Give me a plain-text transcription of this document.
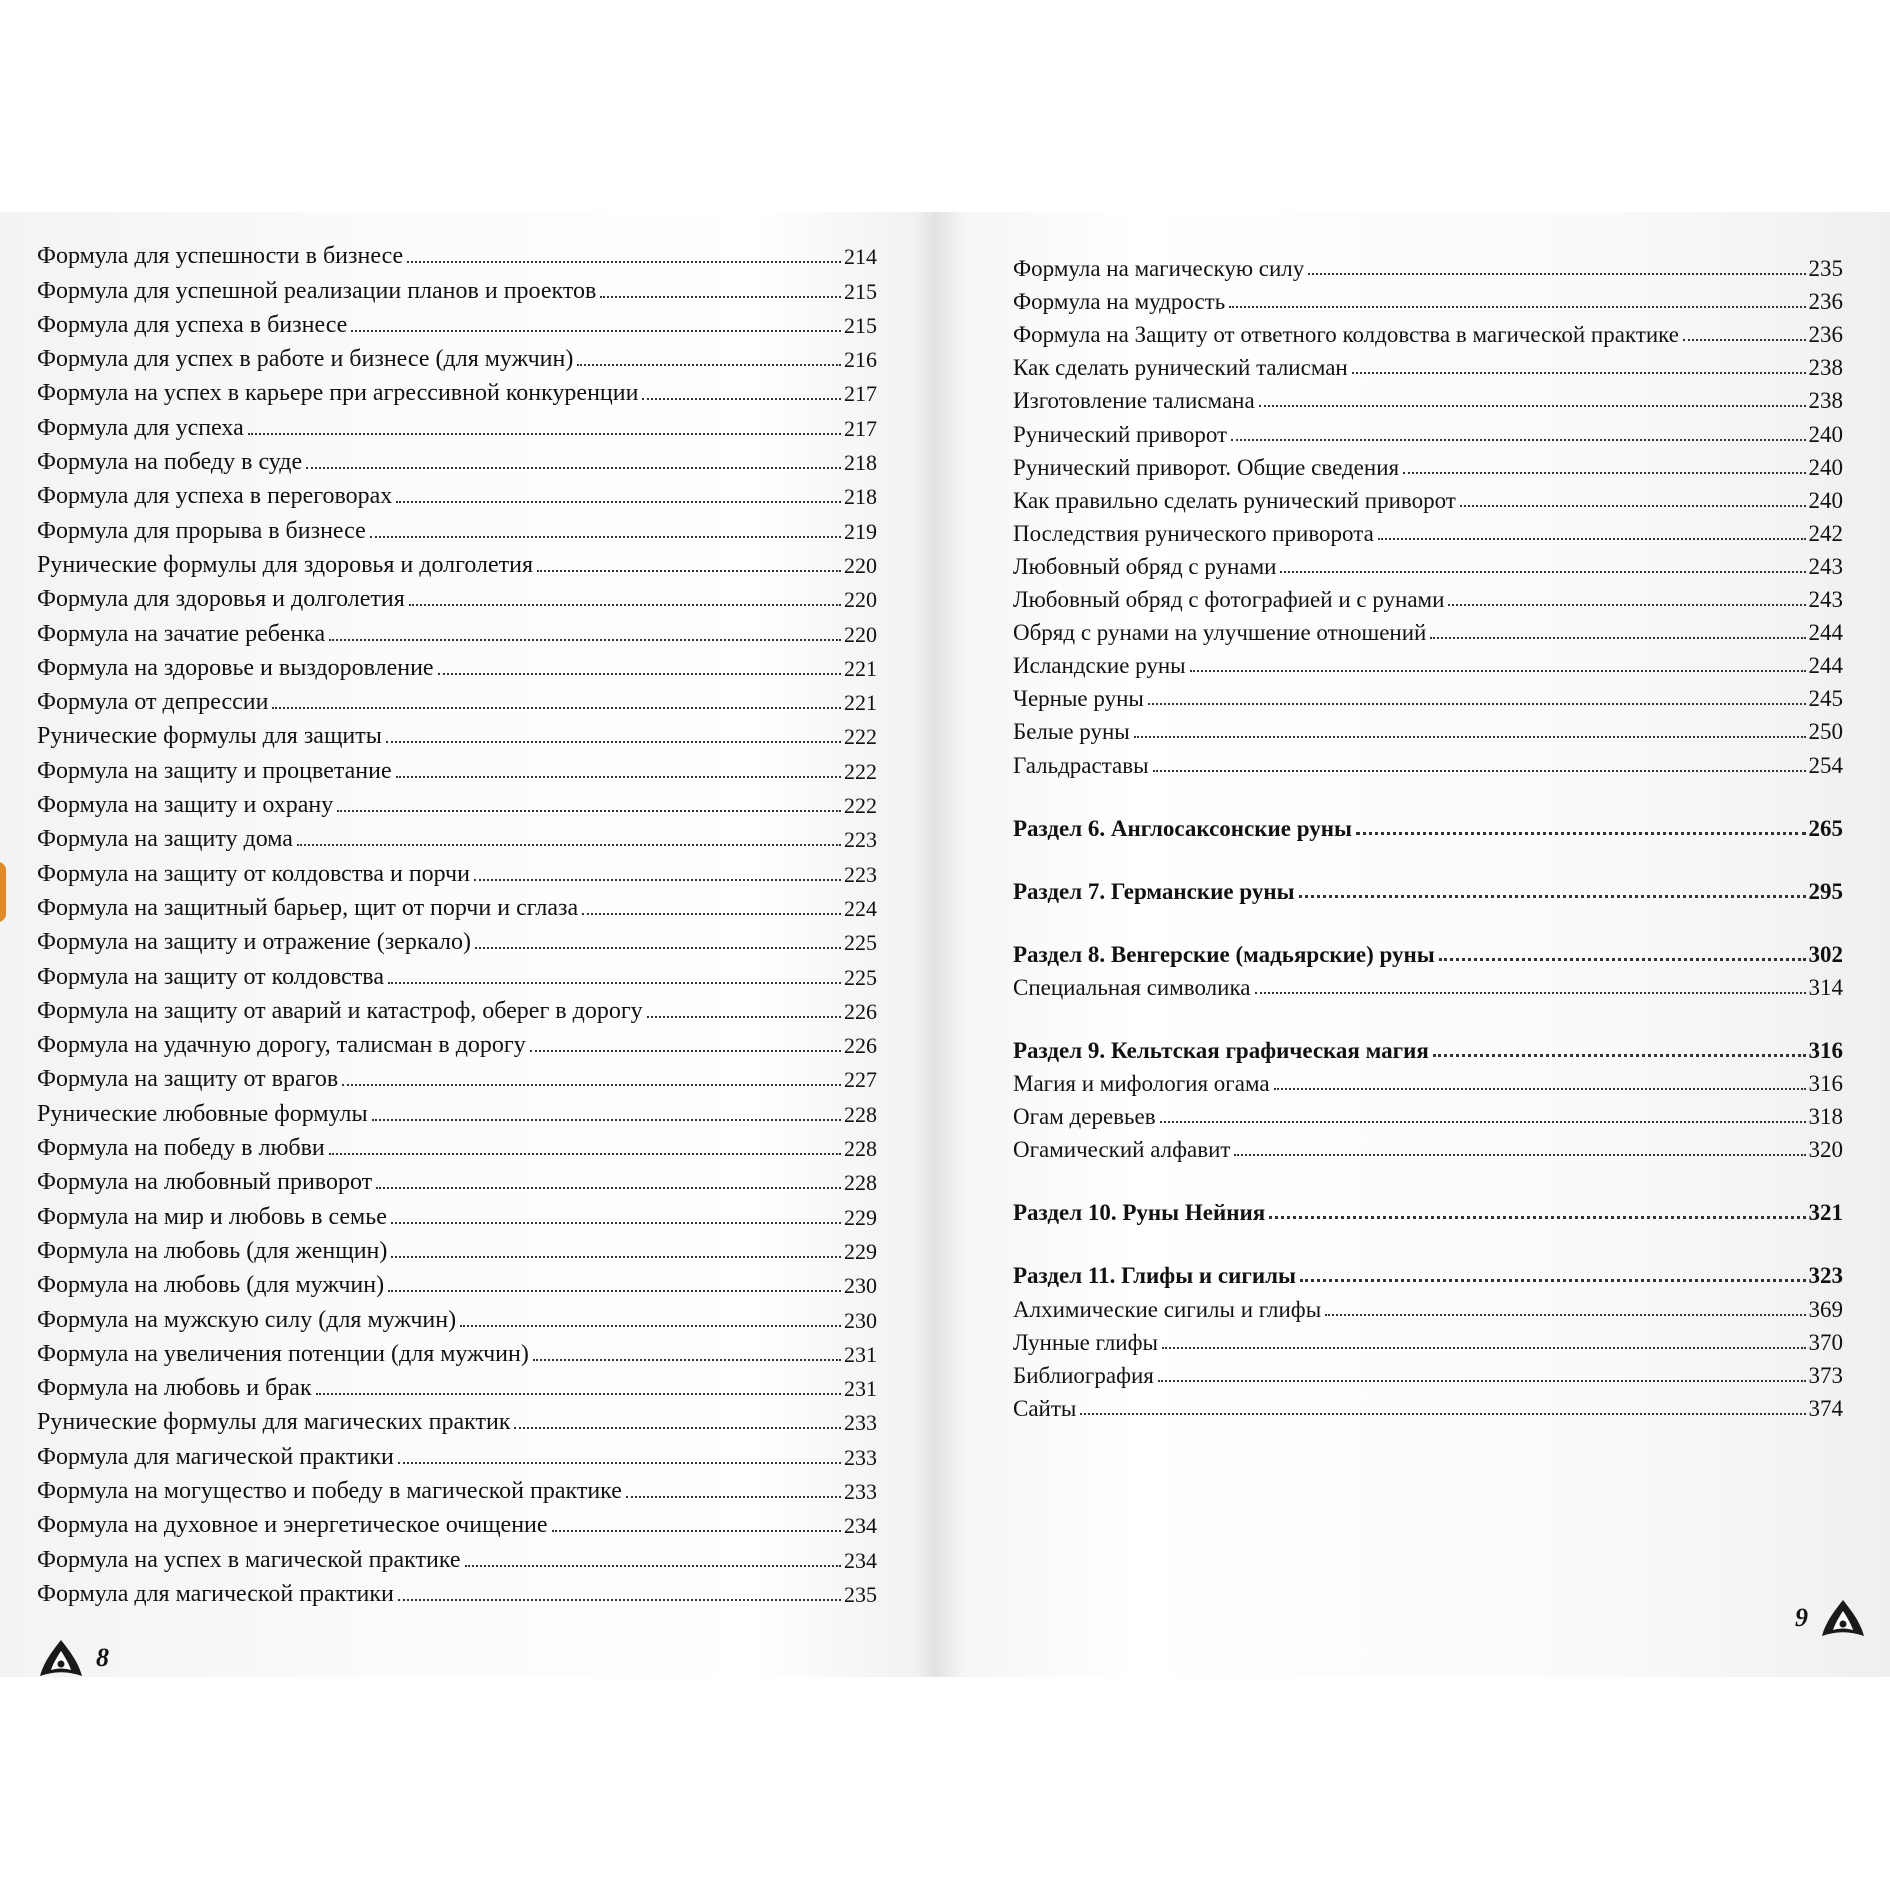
Формула для успешности в бизнесе	214
Формула для успешной реализации планов и проектов	215
Формула для успеха в бизнесе	215
Формула для успех в работе и бизнесе (для мужчин)	216
Формула на успех в карьере при агрессивной конкуренции	217
Формула для успеха	217
Формула на победу в суде	218
Формула для успеха в переговорах	218
Формула для прорыва в бизнесе	219
Рунические формулы для здоровья и долголетия	220
Формула для здоровья и долголетия	220
Формула на зачатие ребенка	220
Формула на здоровье и выздоровление	221
Формула от депрессии	221
Рунические формулы для защиты	222
Формула на защиту и процветание	222
Формула на защиту и охрану	222
Формула на защиту дома	223
Формула на защиту от колдовства и порчи	223
Формула на защитный барьер, щит от порчи и сглаза	224
Формула на защиту и отражение (зеркало)	225
Формула на защиту от колдовства	225
Формула на защиту от аварий и катастроф, оберег в дорогу	226
Формула на удачную дорогу, талисман в дорогу	226
Формула на защиту от врагов	227
Рунические любовные формулы	228
Формула на победу в любви	228
Формула на любовный приворот	228
Формула на мир и любовь в семье	229
Формула на любовь (для женщин)	229
Формула на любовь (для мужчин)	230
Формула на мужскую силу (для мужчин)	230
Формула на увеличения потенции (для мужчин)	231
Формула на любовь и брак	231
Рунические формулы для магических практик	233
Формула для магической практики	233
Формула на могущество и победу в магической практике	233
Формула на духовное и энергетическое очищение	234
Формула на успех в магической практике	234
Формула для магической практики	235
8
Формула на магическую силу	235
Формула на мудрость	236
Формула на Защиту от ответного колдовства в магической практике	236
Как сделать рунический талисман	238
Изготовление талисмана	238
Рунический приворот	240
Рунический приворот. Общие сведения	240
Как правильно сделать рунический приворот	240
Последствия рунического приворота	242
Любовный обряд с рунами	243
Любовный обряд с фотографией и с рунами	243
Обряд с рунами на улучшение отношений	244
Исландские руны	244
Черные руны	245
Белые руны	250
Гальдраставы	254
Раздел 6. Англосаксонские руны	265
Раздел 7. Германские руны	295
Раздел 8. Венгерские (мадьярские) руны	302
Специальная символика	314
Раздел 9. Кельтская графическая магия	316
Магия и мифология огама	316
Огам деревьев	318
Огамический алфавит	320
Раздел 10. Руны Нейния	321
Раздел 11. Глифы и сигилы	323
Алхимические сигилы и глифы	369
Лунные глифы	370
Библиография	373
Сайты	374
9
